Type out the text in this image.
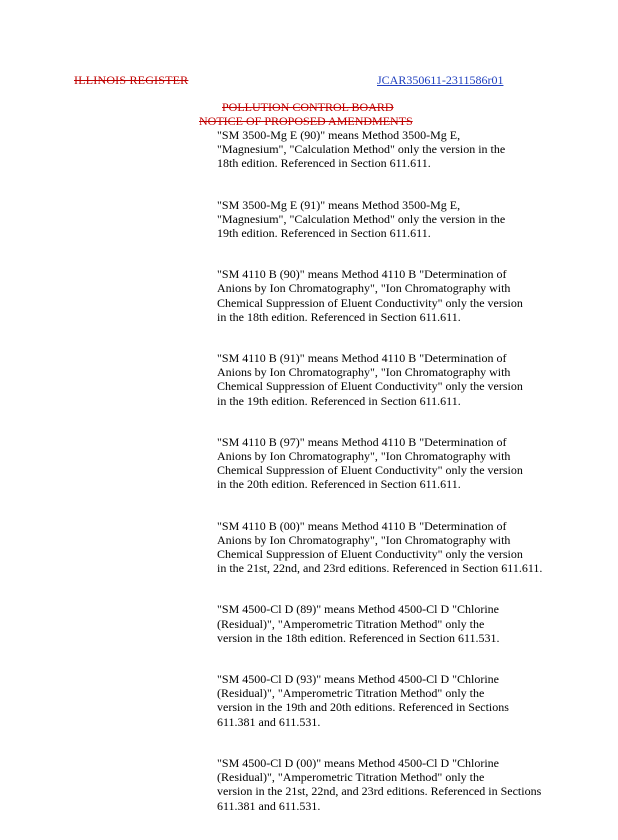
ILLINOIS REGISTER	JCAR350611-2311586r01
POLLUTION CONTROL BOARD
NOTICE OF PROPOSED AMENDMENTS
"SM 3500-Mg E (90)" means Method 3500-Mg E,
"Magnesium", "Calculation Method" only the version in the
18th edition. Referenced in Section 611.611.
"SM 3500-Mg E (91)" means Method 3500-Mg E,
"Magnesium", "Calculation Method" only the version in the
19th edition. Referenced in Section 611.611.
"SM 4110 B (90)" means Method 4110 B "Determination of
Anions by Ion Chromatography", "Ion Chromatography with
Chemical Suppression of Eluent Conductivity" only the version
in the 18th edition. Referenced in Section 611.611.
"SM 4110 B (91)" means Method 4110 B "Determination of
Anions by Ion Chromatography", "Ion Chromatography with
Chemical Suppression of Eluent Conductivity" only the version
in the 19th edition. Referenced in Section 611.611.
"SM 4110 B (97)" means Method 4110 B "Determination of
Anions by Ion Chromatography", "Ion Chromatography with
Chemical Suppression of Eluent Conductivity" only the version
in the 20th edition. Referenced in Section 611.611.
"SM 4110 B (00)" means Method 4110 B "Determination of
Anions by Ion Chromatography", "Ion Chromatography with
Chemical Suppression of Eluent Conductivity" only the version
in the 21st, 22nd, and 23rd editions. Referenced in Section 611.611.
"SM 4500-Cl D (89)" means Method 4500-Cl D "Chlorine
(Residual)", "Amperometric Titration Method" only the
version in the 18th edition. Referenced in Section 611.531.
"SM 4500-Cl D (93)" means Method 4500-Cl D "Chlorine
(Residual)", "Amperometric Titration Method" only the
version in the 19th and 20th editions. Referenced in Sections
611.381 and 611.531.
"SM 4500-Cl D (00)" means Method 4500-Cl D "Chlorine
(Residual)", "Amperometric Titration Method" only the
version in the 21st, 22nd, and 23rd editions. Referenced in Sections
611.381 and 611.531.
